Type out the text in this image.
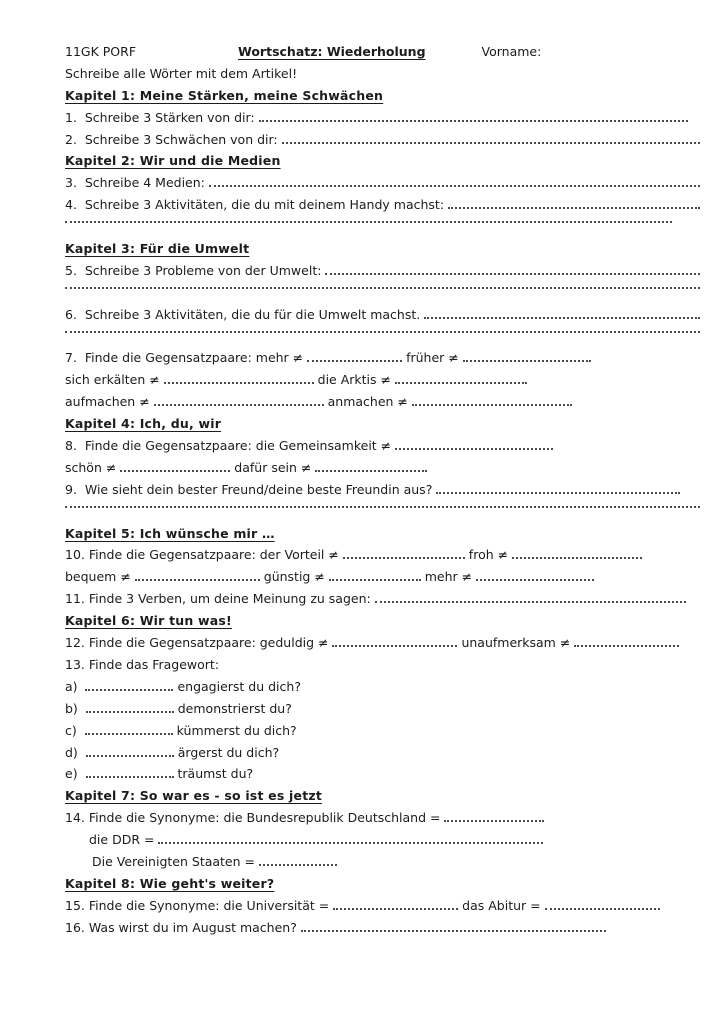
11GK PORF	Wortschatz: Wiederholung	Vorname:
Schreibe alle Wörter mit dem Artikel!
Kapitel 1: Meine Stärken, meine Schwächen
1.  Schreibe 3 Stärken von dir:
2.  Schreibe 3 Schwächen von dir:
Kapitel 2: Wir und die Medien
3.  Schreibe 4 Medien:
4.  Schreibe 3 Aktivitäten, die du mit deinem Handy machst:
Kapitel 3: Für die Umwelt
5.  Schreibe 3 Probleme von der Umwelt:
6.  Schreibe 3 Aktivitäten, die du für die Umwelt machst.
7.  Finde die Gegensatzpaare: mehr ≠	früher ≠
sich erkälten ≠	die Arktis ≠
aufmachen ≠	anmachen ≠
Kapitel 4: Ich, du, wir
8.  Finde die Gegensatzpaare: die Gemeinsamkeit ≠
schön ≠	dafür sein ≠
9.  Wie sieht dein bester Freund/deine beste Freundin aus?
Kapitel 5: Ich wünsche mir …
10. Finde die Gegensatzpaare: der Vorteil ≠	froh ≠
bequem ≠	günstig ≠	mehr ≠
11. Finde 3 Verben, um deine Meinung zu sagen:
Kapitel 6: Wir tun was!
12. Finde die Gegensatzpaare: geduldig ≠	unaufmerksam ≠
13. Finde das Fragewort:
a)	engagierst du dich?
b)	demonstrierst du?
c)	kümmerst du dich?
d)	ärgerst du dich?
e)	träumst du?
Kapitel 7: So war es - so ist es jetzt
14. Finde die Synonyme: die Bundesrepublik Deutschland =
die DDR =
Die Vereinigten Staaten =
Kapitel 8: Wie geht's weiter?
15. Finde die Synonyme: die Universität =	das Abitur =
16. Was wirst du im August machen?
